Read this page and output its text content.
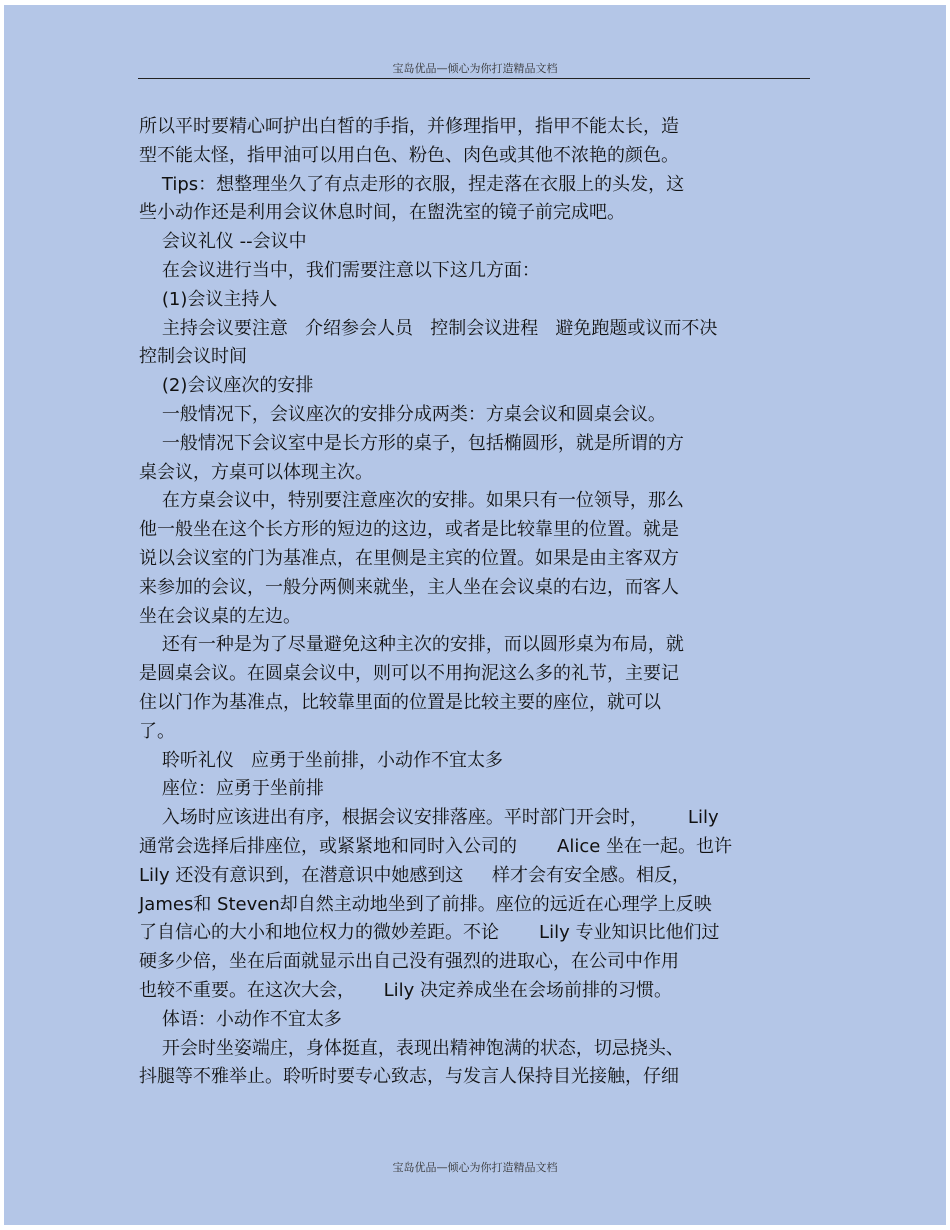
宝岛优品—倾心为你打造精品文档
所以平时要精心呵护出白皙的手指，并修理指甲，指甲不能太长，造
型不能太怪，指甲油可以用白色、粉色、肉色或其他不浓艳的颜色。
Tips：想整理坐久了有点走形的衣服，捏走落在衣服上的头发，这
些小动作还是利用会议休息时间，在盥洗室的镜子前完成吧。
会议礼仪 --会议中
在会议进行当中，我们需要注意以下这几方面：
(1)会议主持人
主持会议要注意   介绍参会人员   控制会议进程   避免跑题或议而不决
控制会议时间
(2)会议座次的安排
一般情况下，会议座次的安排分成两类：方桌会议和圆桌会议。
一般情况下会议室中是长方形的桌子，包括椭圆形，就是所谓的方
桌会议，方桌可以体现主次。
在方桌会议中，特别要注意座次的安排。如果只有一位领导，那么
他一般坐在这个长方形的短边的这边，或者是比较靠里的位置。就是
说以会议室的门为基准点，在里侧是主宾的位置。如果是由主客双方
来参加的会议，一般分两侧来就坐，主人坐在会议桌的右边，而客人
坐在会议桌的左边。
还有一种是为了尽量避免这种主次的安排，而以圆形桌为布局，就
是圆桌会议。在圆桌会议中，则可以不用拘泥这么多的礼节，主要记
住以门作为基准点，比较靠里面的位置是比较主要的座位，就可以
了。
聆听礼仪   应勇于坐前排，小动作不宜太多
座位：应勇于坐前排
入场时应该进出有序，根据会议安排落座。平时部门开会时，       Lily
通常会选择后排座位，或紧紧地和同时入公司的       Alice 坐在一起。也许
Lily 还没有意识到，在潜意识中她感到这     样才会有安全感。相反，
James和 Steven却自然主动地坐到了前排。座位的远近在心理学上反映
了自信心的大小和地位权力的微妙差距。不论       Lily 专业知识比他们过
硬多少倍，坐在后面就显示出自己没有强烈的进取心，在公司中作用
也较不重要。在这次大会，     Lily 决定养成坐在会场前排的习惯。
体语：小动作不宜太多
开会时坐姿端庄，身体挺直，表现出精神饱满的状态，切忌挠头、
抖腿等不雅举止。聆听时要专心致志，与发言人保持目光接触，仔细
宝岛优品—倾心为你打造精品文档
